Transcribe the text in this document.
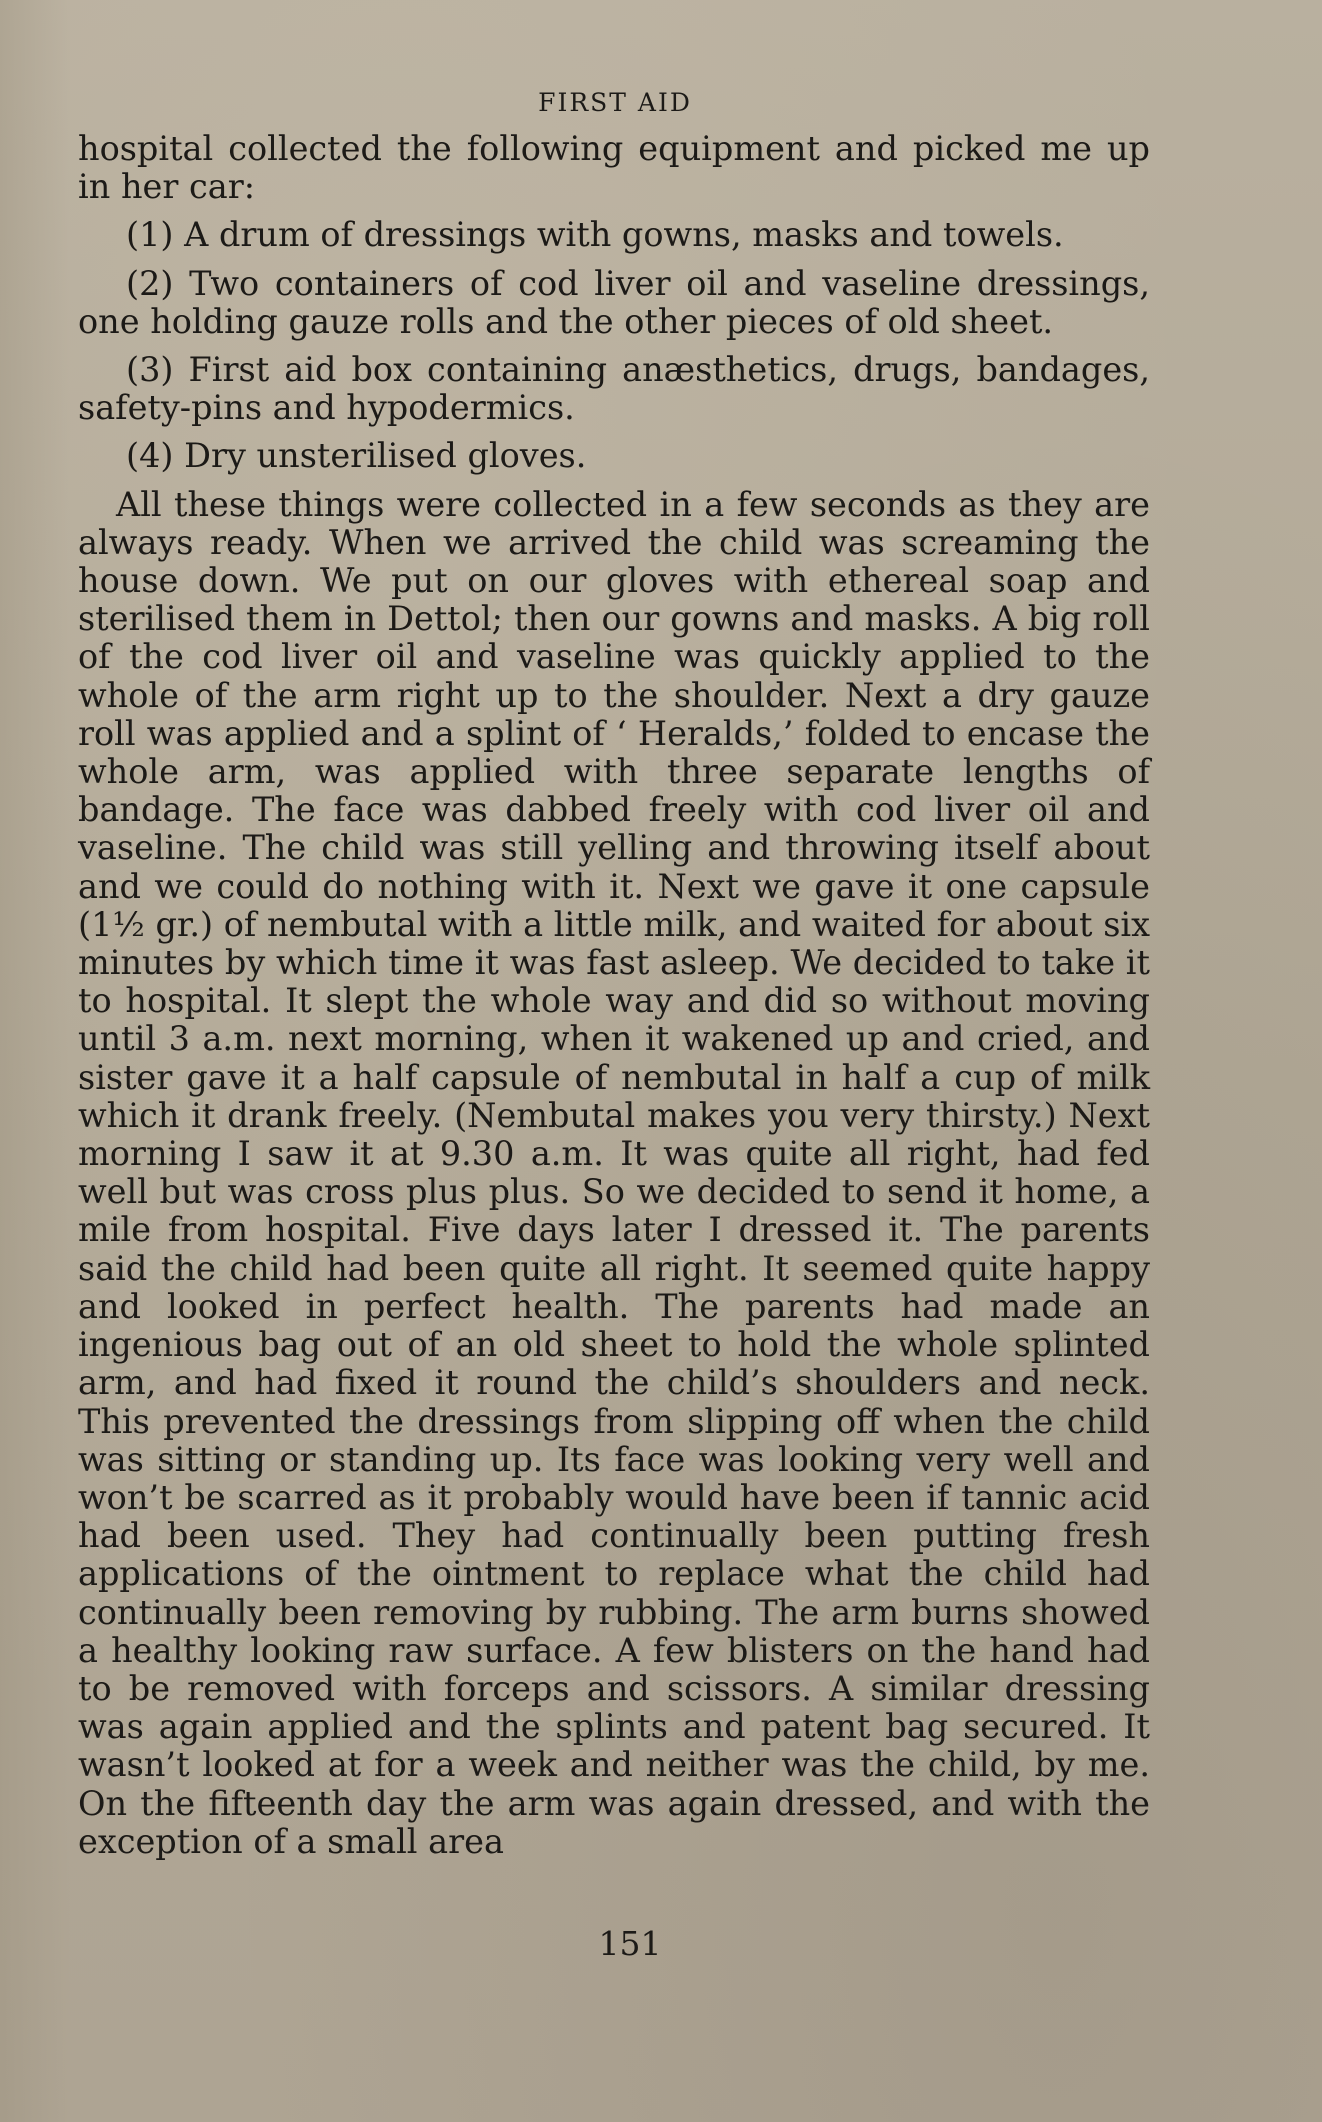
FIRST AID

hospital collected the following equipment and picked me up in her car:

(1) A drum of dressings with gowns, masks and towels.

(2) Two containers of cod liver oil and vaseline dressings, one holding gauze rolls and the other pieces of old sheet.

(3) First aid box containing anæsthetics, drugs, bandages, safety-pins and hypodermics.

(4) Dry unsterilised gloves.

All these things were collected in a few seconds as they are always ready. When we arrived the child was screaming the house down. We put on our gloves with ethereal soap and sterilised them in Dettol; then our gowns and masks. A big roll of the cod liver oil and vaseline was quickly applied to the whole of the arm right up to the shoulder. Next a dry gauze roll was applied and a splint of ‘ Heralds,’ folded to encase the whole arm, was applied with three separate lengths of bandage. The face was dabbed freely with cod liver oil and vaseline. The child was still yelling and throwing itself about and we could do nothing with it. Next we gave it one capsule (1½ gr.) of nembutal with a little milk, and waited for about six minutes by which time it was fast asleep. We decided to take it to hospital. It slept the whole way and did so without moving until 3 a.m. next morning, when it wakened up and cried, and sister gave it a half capsule of nembutal in half a cup of milk which it drank freely. (Nembutal makes you very thirsty.) Next morning I saw it at 9.30 a.m. It was quite all right, had fed well but was cross plus plus. So we decided to send it home, a mile from hospital. Five days later I dressed it. The parents said the child had been quite all right. It seemed quite happy and looked in perfect health. The parents had made an ingenious bag out of an old sheet to hold the whole splinted arm, and had fixed it round the child’s shoulders and neck. This prevented the dressings from slipping off when the child was sitting or standing up. Its face was looking very well and won’t be scarred as it probably would have been if tannic acid had been used. They had continually been putting fresh applications of the ointment to replace what the child had continually been removing by rubbing. The arm burns showed a healthy looking raw surface. A few blisters on the hand had to be removed with forceps and scissors. A similar dressing was again applied and the splints and patent bag secured. It wasn’t looked at for a week and neither was the child, by me. On the fifteenth day the arm was again dressed, and with the exception of a small area

151
